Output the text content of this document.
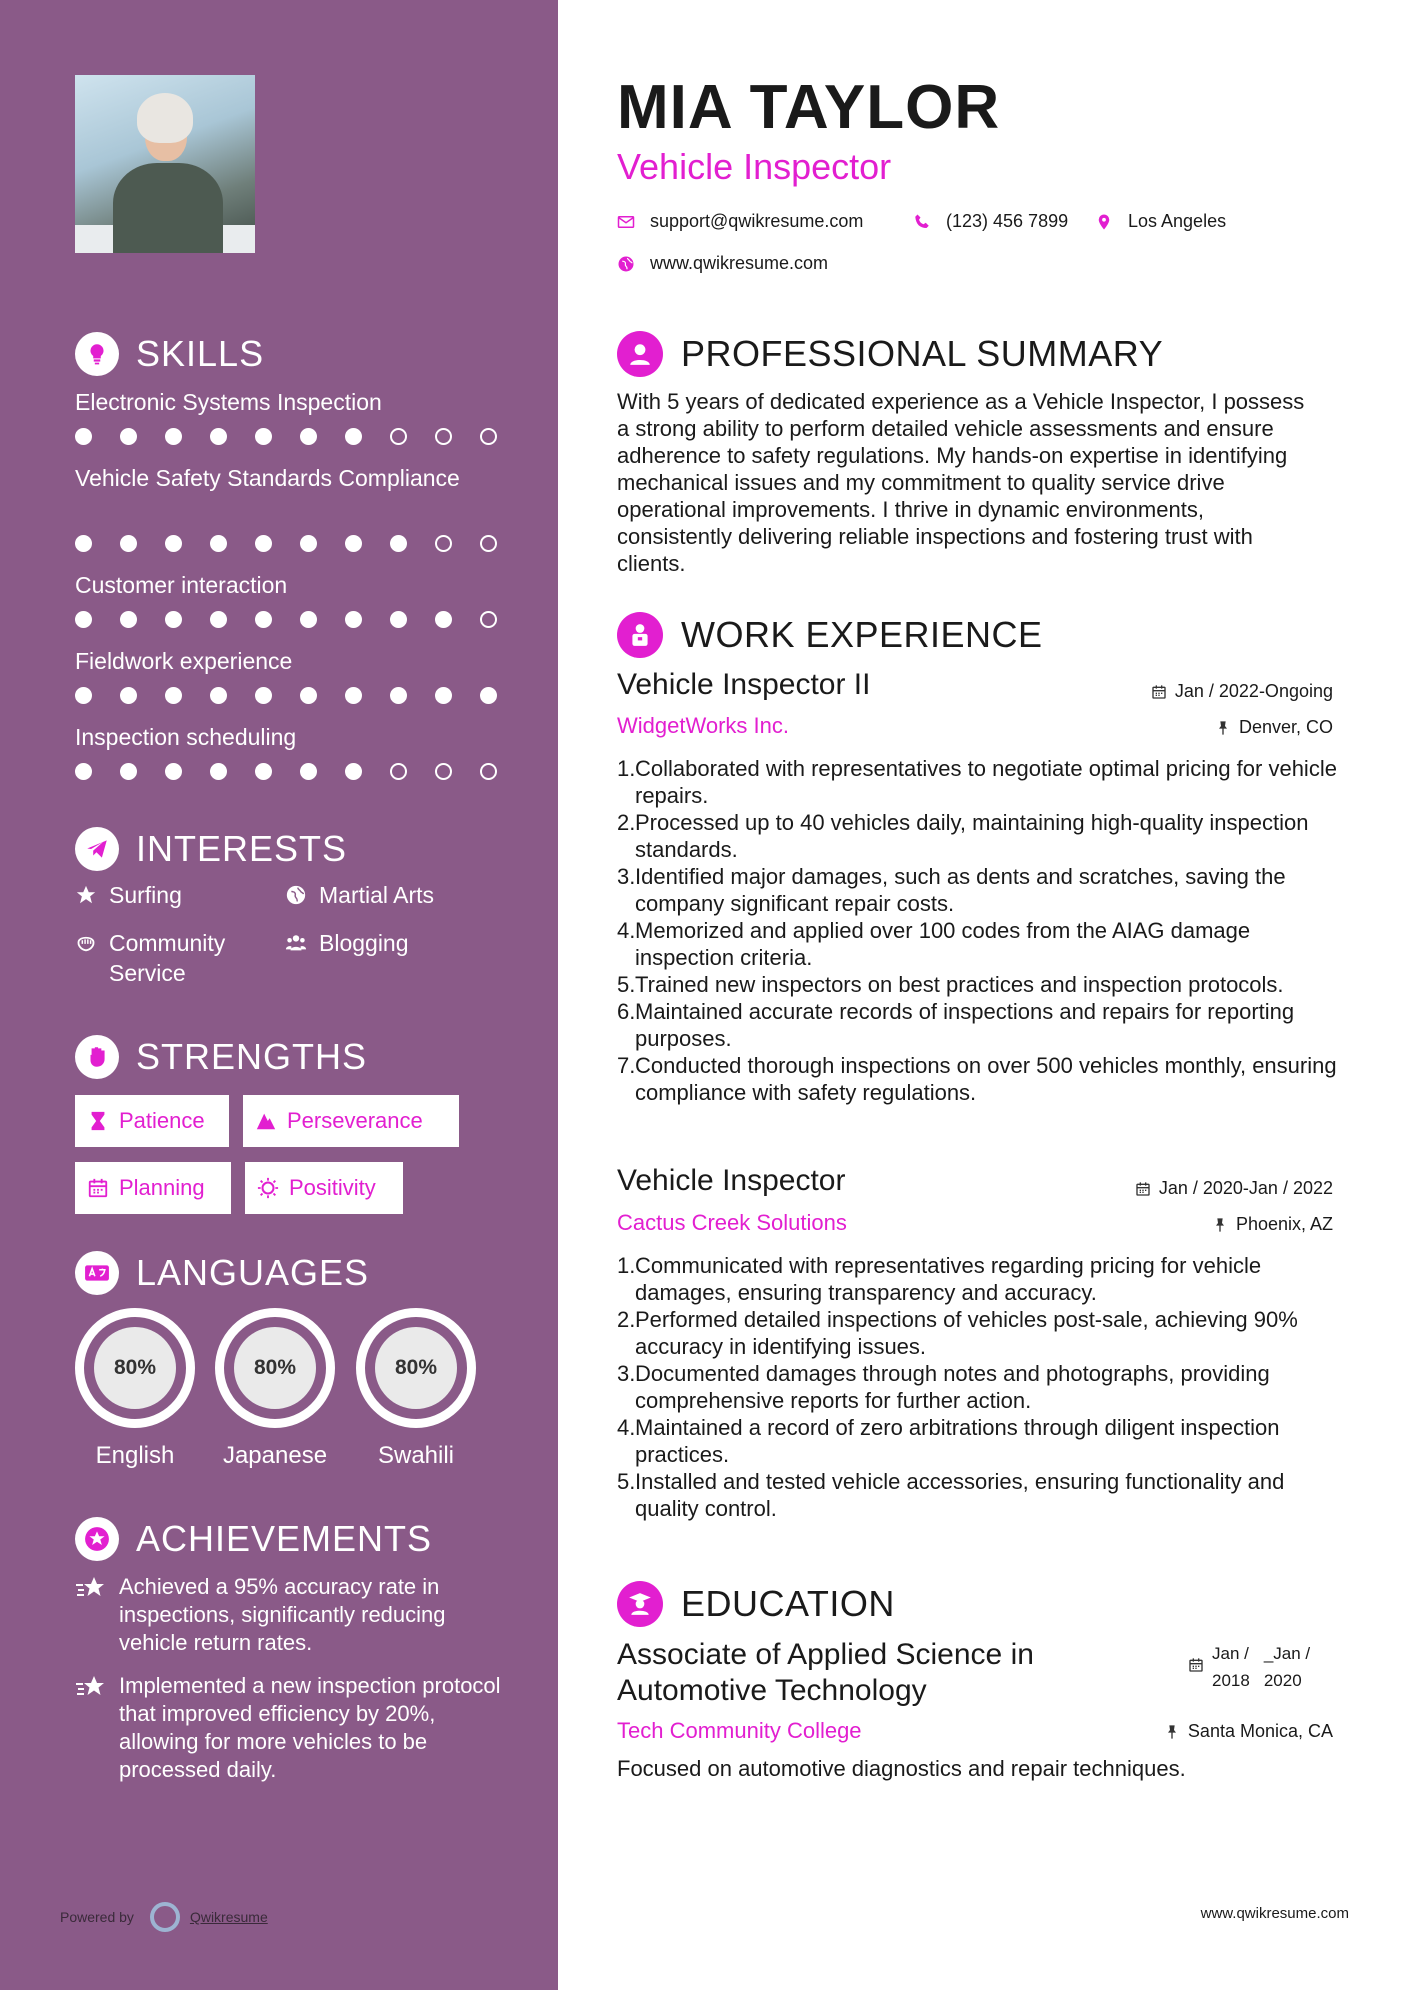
SKILLS
Electronic Systems Inspection
Vehicle Safety Standards Compliance
Customer interaction
Fieldwork experience
Inspection scheduling
INTERESTS
Surfing	Martial Arts
Community Service
Blogging
STRENGTHS
Patience	Perseverance
Planning	Positivity
LANGUAGES
80%
English
80%
Japanese
80%
Swahili
ACHIEVEMENTS
Achieved a 95% accuracy rate in inspections, significantly reducing vehicle return rates.
Implemented a new inspection protocol that improved efficiency by 20%, allowing for more vehicles to be processed daily.
Powered by	Qwikresume
MIA TAYLOR
Vehicle Inspector
support@qwikresume.com	(123) 456 7899	Los Angeles
www.qwikresume.com
PROFESSIONAL SUMMARY
With 5 years of dedicated experience as a Vehicle Inspector, I possess a strong ability to perform detailed vehicle assessments and ensure adherence to safety regulations. My hands-on expertise in identifying mechanical issues and my commitment to quality service drive operational improvements. I thrive in dynamic environments, consistently delivering reliable inspections and fostering trust with clients.
WORK EXPERIENCE
Vehicle Inspector II	Jan / 2022-Ongoing
WidgetWorks Inc.	Denver, CO
1. Collaborated with representatives to negotiate optimal pricing for vehicle repairs.
2. Processed up to 40 vehicles daily, maintaining high-quality inspection standards.
3. Identified major damages, such as dents and scratches, saving the company significant repair costs.
4. Memorized and applied over 100 codes from the AIAG damage inspection criteria.
5. Trained new inspectors on best practices and inspection protocols.
6. Maintained accurate records of inspections and repairs for reporting purposes.
7. Conducted thorough inspections on over 500 vehicles monthly, ensuring compliance with safety regulations.
Vehicle Inspector	Jan / 2020-Jan / 2022
Cactus Creek Solutions	Phoenix, AZ
1. Communicated with representatives regarding pricing for vehicle damages, ensuring transparency and accuracy.
2. Performed detailed inspections of vehicles post-sale, achieving 90% accuracy in identifying issues.
3. Documented damages through notes and photographs, providing comprehensive reports for further action.
4. Maintained a record of zero arbitrations through diligent inspection practices.
5. Installed and tested vehicle accessories, ensuring functionality and quality control.
EDUCATION
Associate of Applied Science in Automotive Technology
Jan /
2018
_Jan /
2020
Tech Community College	Santa Monica, CA
Focused on automotive diagnostics and repair techniques.
www.qwikresume.com
